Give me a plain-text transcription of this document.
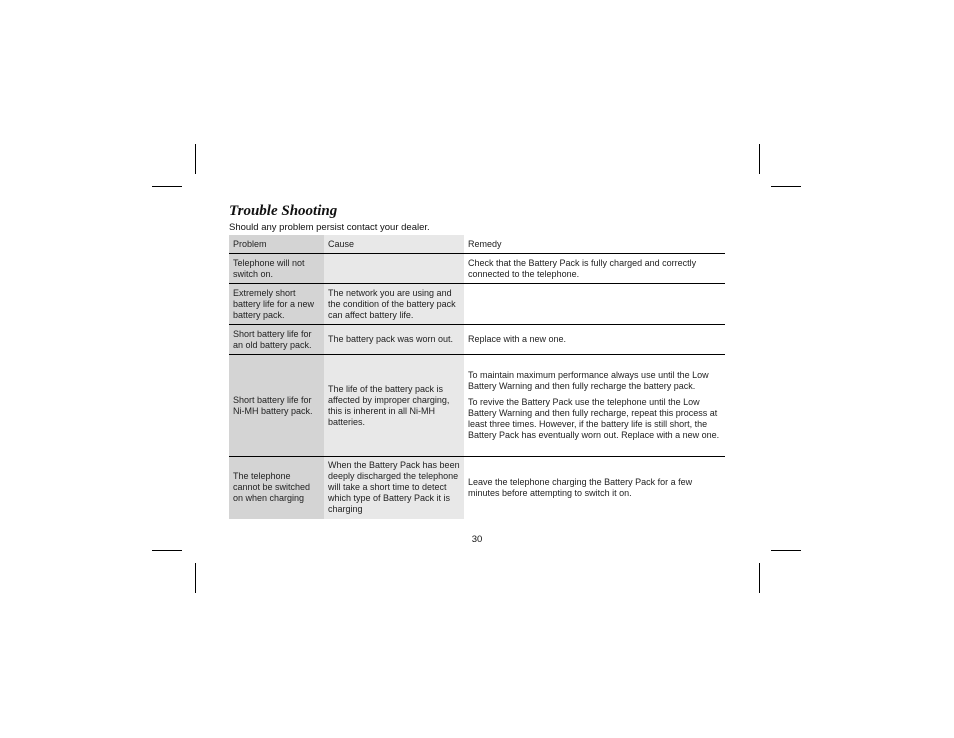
Trouble Shooting
Should any problem persist contact your dealer.
Problem	Cause	Remedy
Telephone will not switch on.		Check that the Battery Pack is fully charged and correctly connected to the telephone.

Extremely short battery life for a new battery pack.	The network you are using and the condition of the battery pack can affect battery life.	

Short battery life for an old battery pack.	The battery pack was worn out.	Replace with a new one.

Short battery life for Ni-MH battery pack.	The life of the battery pack is affected by improper charging, this is inherent in all Ni-MH batteries.	To maintain maximum performance always use until the Low Battery Warning and then fully recharge the battery pack.

To revive the Battery Pack use the telephone until the Low Battery Warning and then fully recharge, repeat this process at least three times. However, if the battery life is still short, the Battery Pack has eventually worn out. Replace with a new one.

The telephone cannot be switched on when charging	When the Battery Pack has been deeply discharged the telephone will take a short time to detect which type of Battery Pack it is charging	Leave the telephone charging the Battery Pack for a few minutes before attempting to switch it on.

30
